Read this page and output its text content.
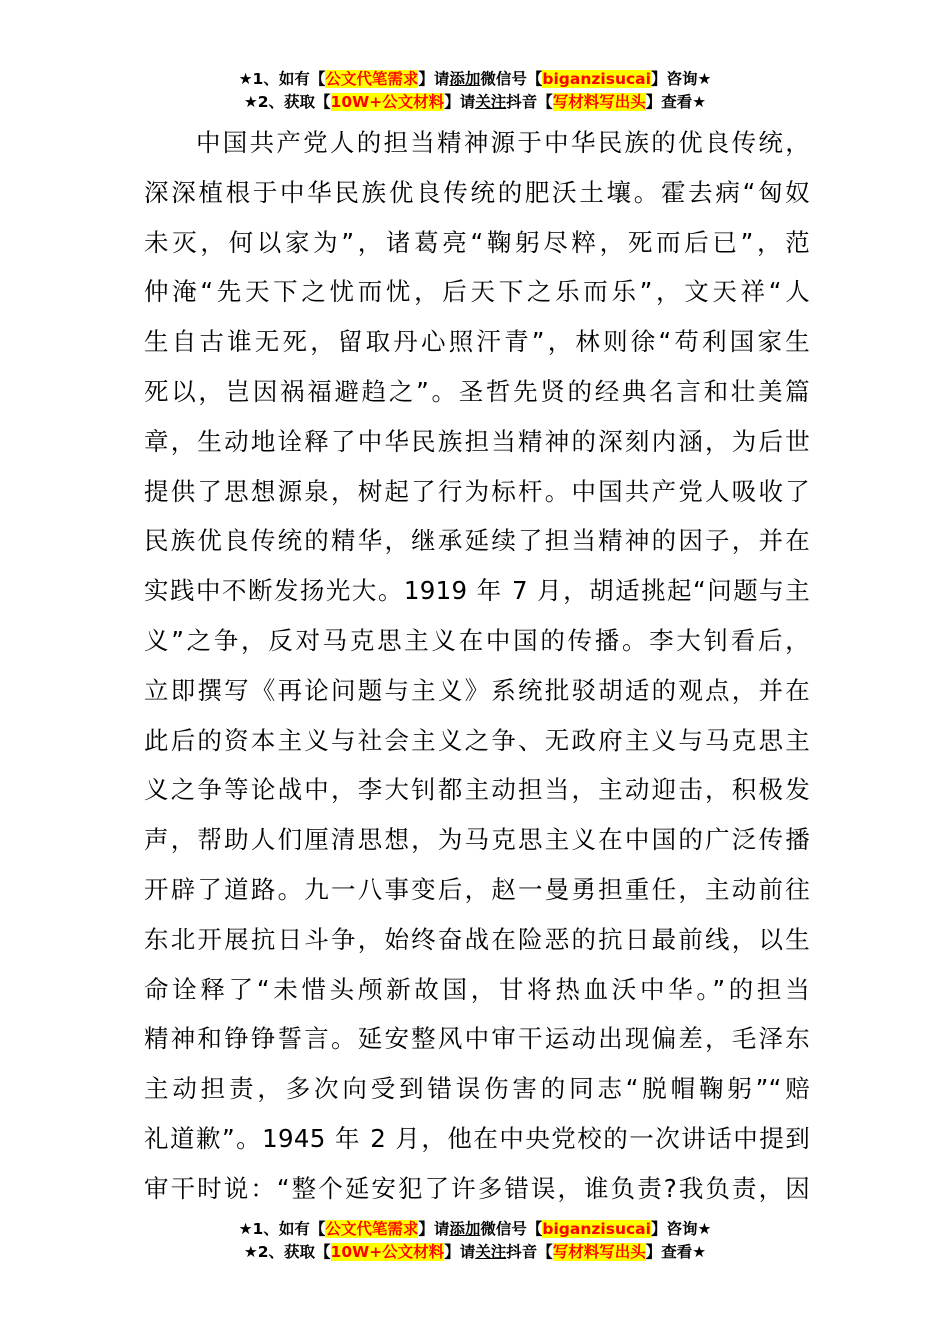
★1、如有【公文代笔需求】请添加微信号【biganzisucai】咨询★
★2、获取【10W+公文材料】请关注抖音【写材料写出头】查看★
中国共产党人的担当精神源于中华民族的优良传统，
深深植根于中华民族优良传统的肥沃土壤。霍去病“匈奴
未灭，何以家为”，诸葛亮“鞠躬尽粹，死而后已”，范
仲淹“先天下之忧而忧，后天下之乐而乐”，文天祥“人
生自古谁无死，留取丹心照汗青”，林则徐“苟利国家生
死以，岂因祸福避趋之”。圣哲先贤的经典名言和壮美篇
章，生动地诠释了中华民族担当精神的深刻内涵，为后世
提供了思想源泉，树起了行为标杆。中国共产党人吸收了
民族优良传统的精华，继承延续了担当精神的因子，并在
实践中不断发扬光大。1919 年 7 月，胡适挑起“问题与主
义”之争，反对马克思主义在中国的传播。李大钊看后，
立即撰写《再论问题与主义》系统批驳胡适的观点，并在
此后的资本主义与社会主义之争、无政府主义与马克思主
义之争等论战中，李大钊都主动担当，主动迎击，积极发
声，帮助人们厘清思想，为马克思主义在中国的广泛传播
开辟了道路。九一八事变后，赵一曼勇担重任，主动前往
东北开展抗日斗争，始终奋战在险恶的抗日最前线，以生
命诠释了“未惜头颅新故国，甘将热血沃中华。”的担当
精神和铮铮誓言。延安整风中审干运动出现偏差，毛泽东
主动担责，多次向受到错误伤害的同志“脱帽鞠躬”“赔
礼道歉”。1945 年 2 月，他在中央党校的一次讲话中提到
审干时说：“整个延安犯了许多错误，谁负责?我负责，因
★1、如有【公文代笔需求】请添加微信号【biganzisucai】咨询★
★2、获取【10W+公文材料】请关注抖音【写材料写出头】查看★
